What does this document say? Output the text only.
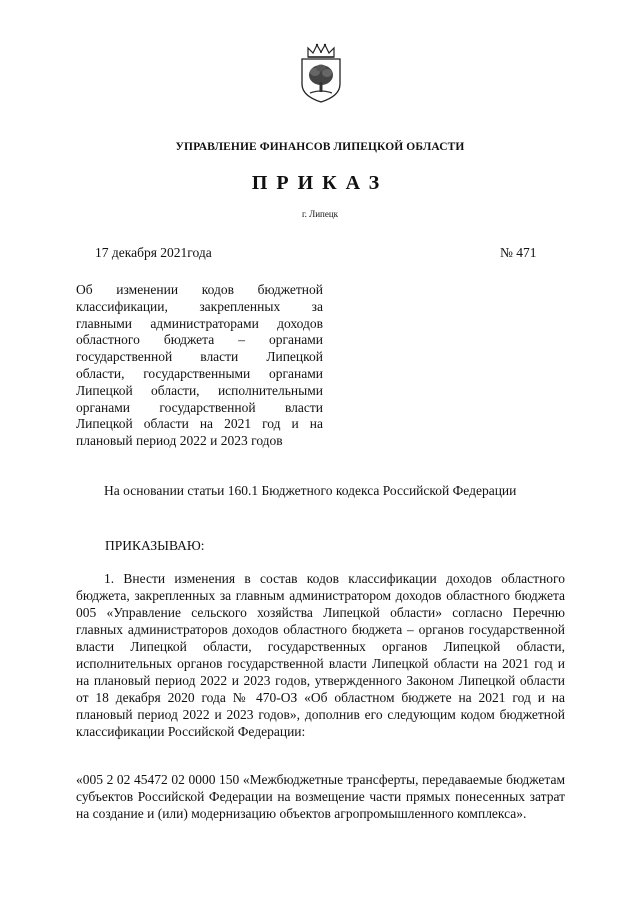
УПРАВЛЕНИЕ ФИНАНСОВ ЛИПЕЦКОЙ ОБЛАСТИ
ПРИКАЗ
г. Липецк
17 декабря 2021года	№ 471
Об изменении кодов бюджетной классификации, закрепленных за главными администраторами доходов областного бюджета – органами государственной власти Липецкой области, государственными органами Липецкой области, исполнительными органами государственной власти Липецкой области на 2021 год и на плановый период 2022 и 2023 годов

На основании статьи 160.1 Бюджетного кодекса Российской Федерации

ПРИКАЗЫВАЮ:

1. Внести изменения в состав кодов классификации доходов областного бюджета, закрепленных за главным администратором доходов областного бюджета 005 «Управление сельского хозяйства Липецкой области» согласно Перечню главных администраторов доходов областного бюджета – органов государственной власти Липецкой области, государственных органов Липецкой области, исполнительных органов государственной власти Липецкой области на 2021 год и на плановый период 2022 и 2023 годов, утвержденного Законом Липецкой области от 18 декабря 2020 года № 470-ОЗ «Об областном бюджете на 2021 год и на плановый период 2022 и 2023 годов», дополнив его следующим кодом бюджетной классификации Российской Федерации:

«005 2 02 45472 02 0000 150 «Межбюджетные трансферты, передаваемые бюджетам субъектов Российской Федерации на возмещение части прямых понесенных затрат на создание и (или) модернизацию объектов агропромышленного комплекса».
